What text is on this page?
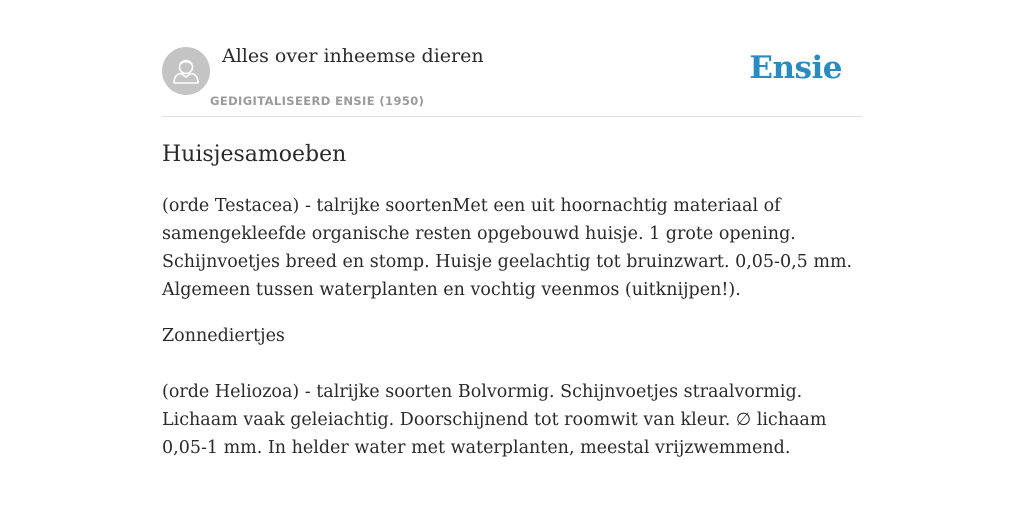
Alles over inheemse dieren
GEDIGITALISEERD ENSIE (1950)
Ensie
Huisjesamoeben

(orde Testacea) - talrijke soortenMet een uit hoornachtig materiaal of samengekleefde organische resten opgebouwd huisje. 1 grote opening. Schijnvoetjes breed en stomp. Huisje geelachtig tot bruinzwart. 0,05-0,5 mm. Algemeen tussen waterplanten en vochtig veenmos (uitknijpen!).

Zonnediertjes

(orde Heliozoa) - talrijke soorten Bolvormig. Schijnvoetjes straalvormig. Lichaam vaak geleiachtig. Doorschijnend tot roomwit van kleur. ∅ lichaam 0,05-1 mm. In helder water met waterplanten, meestal vrijzwemmend.
